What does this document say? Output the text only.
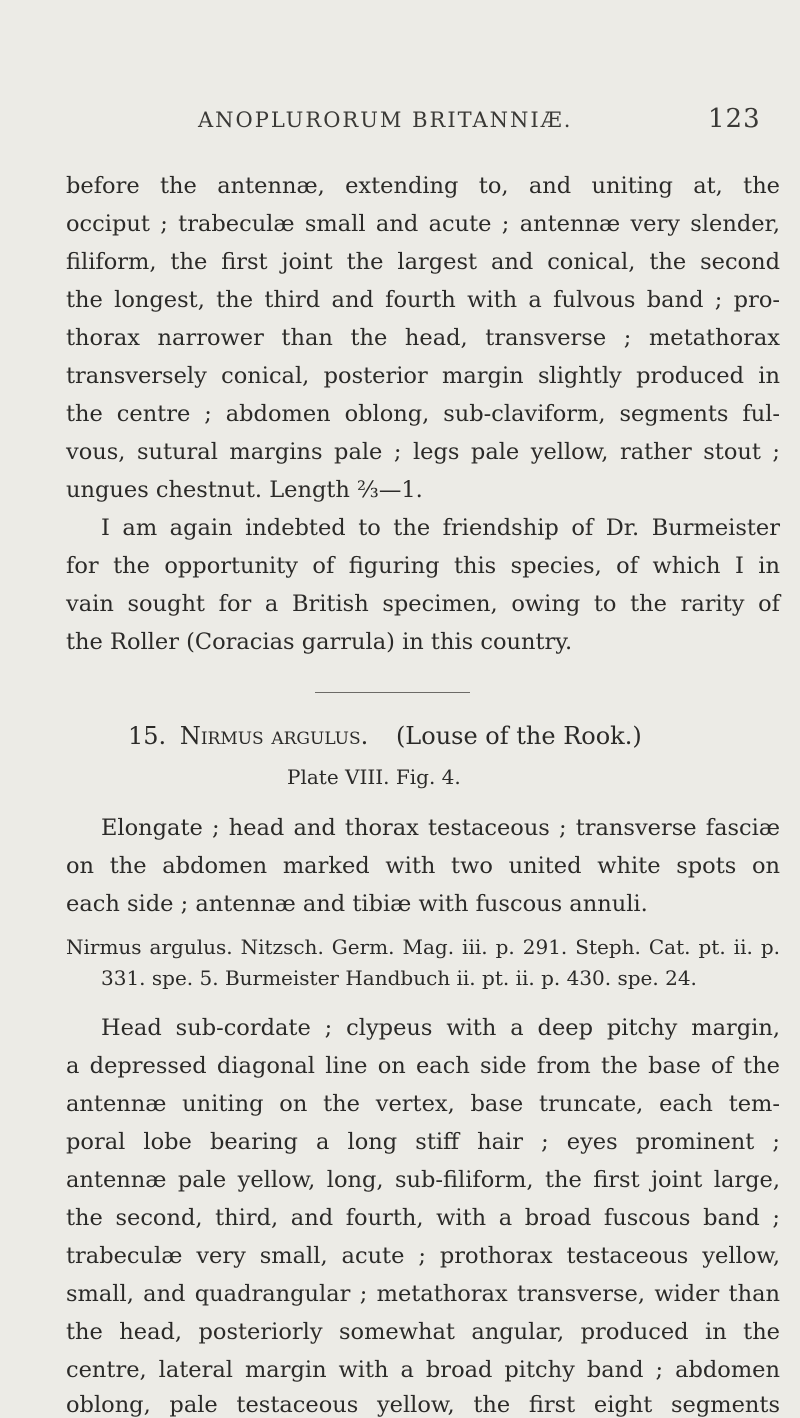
ANOPLURORUM BRITANNIÆ.	123
before the antennæ, extending to, and uniting at, the
occiput ; trabeculæ small and acute ; antennæ very slender,
filiform, the first joint the largest and conical, the second
the longest, the third and fourth with a fulvous band ; pro-
thorax narrower than the head, transverse ; metathorax
transversely conical, posterior margin slightly produced in
the centre ; abdomen oblong, sub-claviform, segments ful-
vous, sutural margins pale ; legs pale yellow, rather stout ;
ungues chestnut. Length ⅔—1.
I am again indebted to the friendship of Dr. Burmeister
for the opportunity of figuring this species, of which I in
vain sought for a British specimen, owing to the rarity of
the Roller (Coracias garrula) in this country.
15. Nirmus argulus. (Louse of the Rook.)
Plate VIII. Fig. 4.
Elongate ; head and thorax testaceous ; transverse fasciæ
on the abdomen marked with two united white spots on
each side ; antennæ and tibiæ with fuscous annuli.
Nirmus argulus. Nitzsch. Germ. Mag. iii. p. 291. Steph. Cat. pt. ii. p.
331. spe. 5. Burmeister Handbuch ii. pt. ii. p. 430. spe. 24.
Head sub-cordate ; clypeus with a deep pitchy margin,
a depressed diagonal line on each side from the base of the
antennæ uniting on the vertex, base truncate, each tem-
poral lobe bearing a long stiff hair ; eyes prominent ;
antennæ pale yellow, long, sub-filiform, the first joint large,
the second, third, and fourth, with a broad fuscous band ;
trabeculæ very small, acute ; prothorax testaceous yellow,
small, and quadrangular ; metathorax transverse, wider than
the head, posteriorly somewhat angular, produced in the
centre, lateral margin with a broad pitchy band ; abdomen
oblong, pale testaceous yellow, the first eight segments
